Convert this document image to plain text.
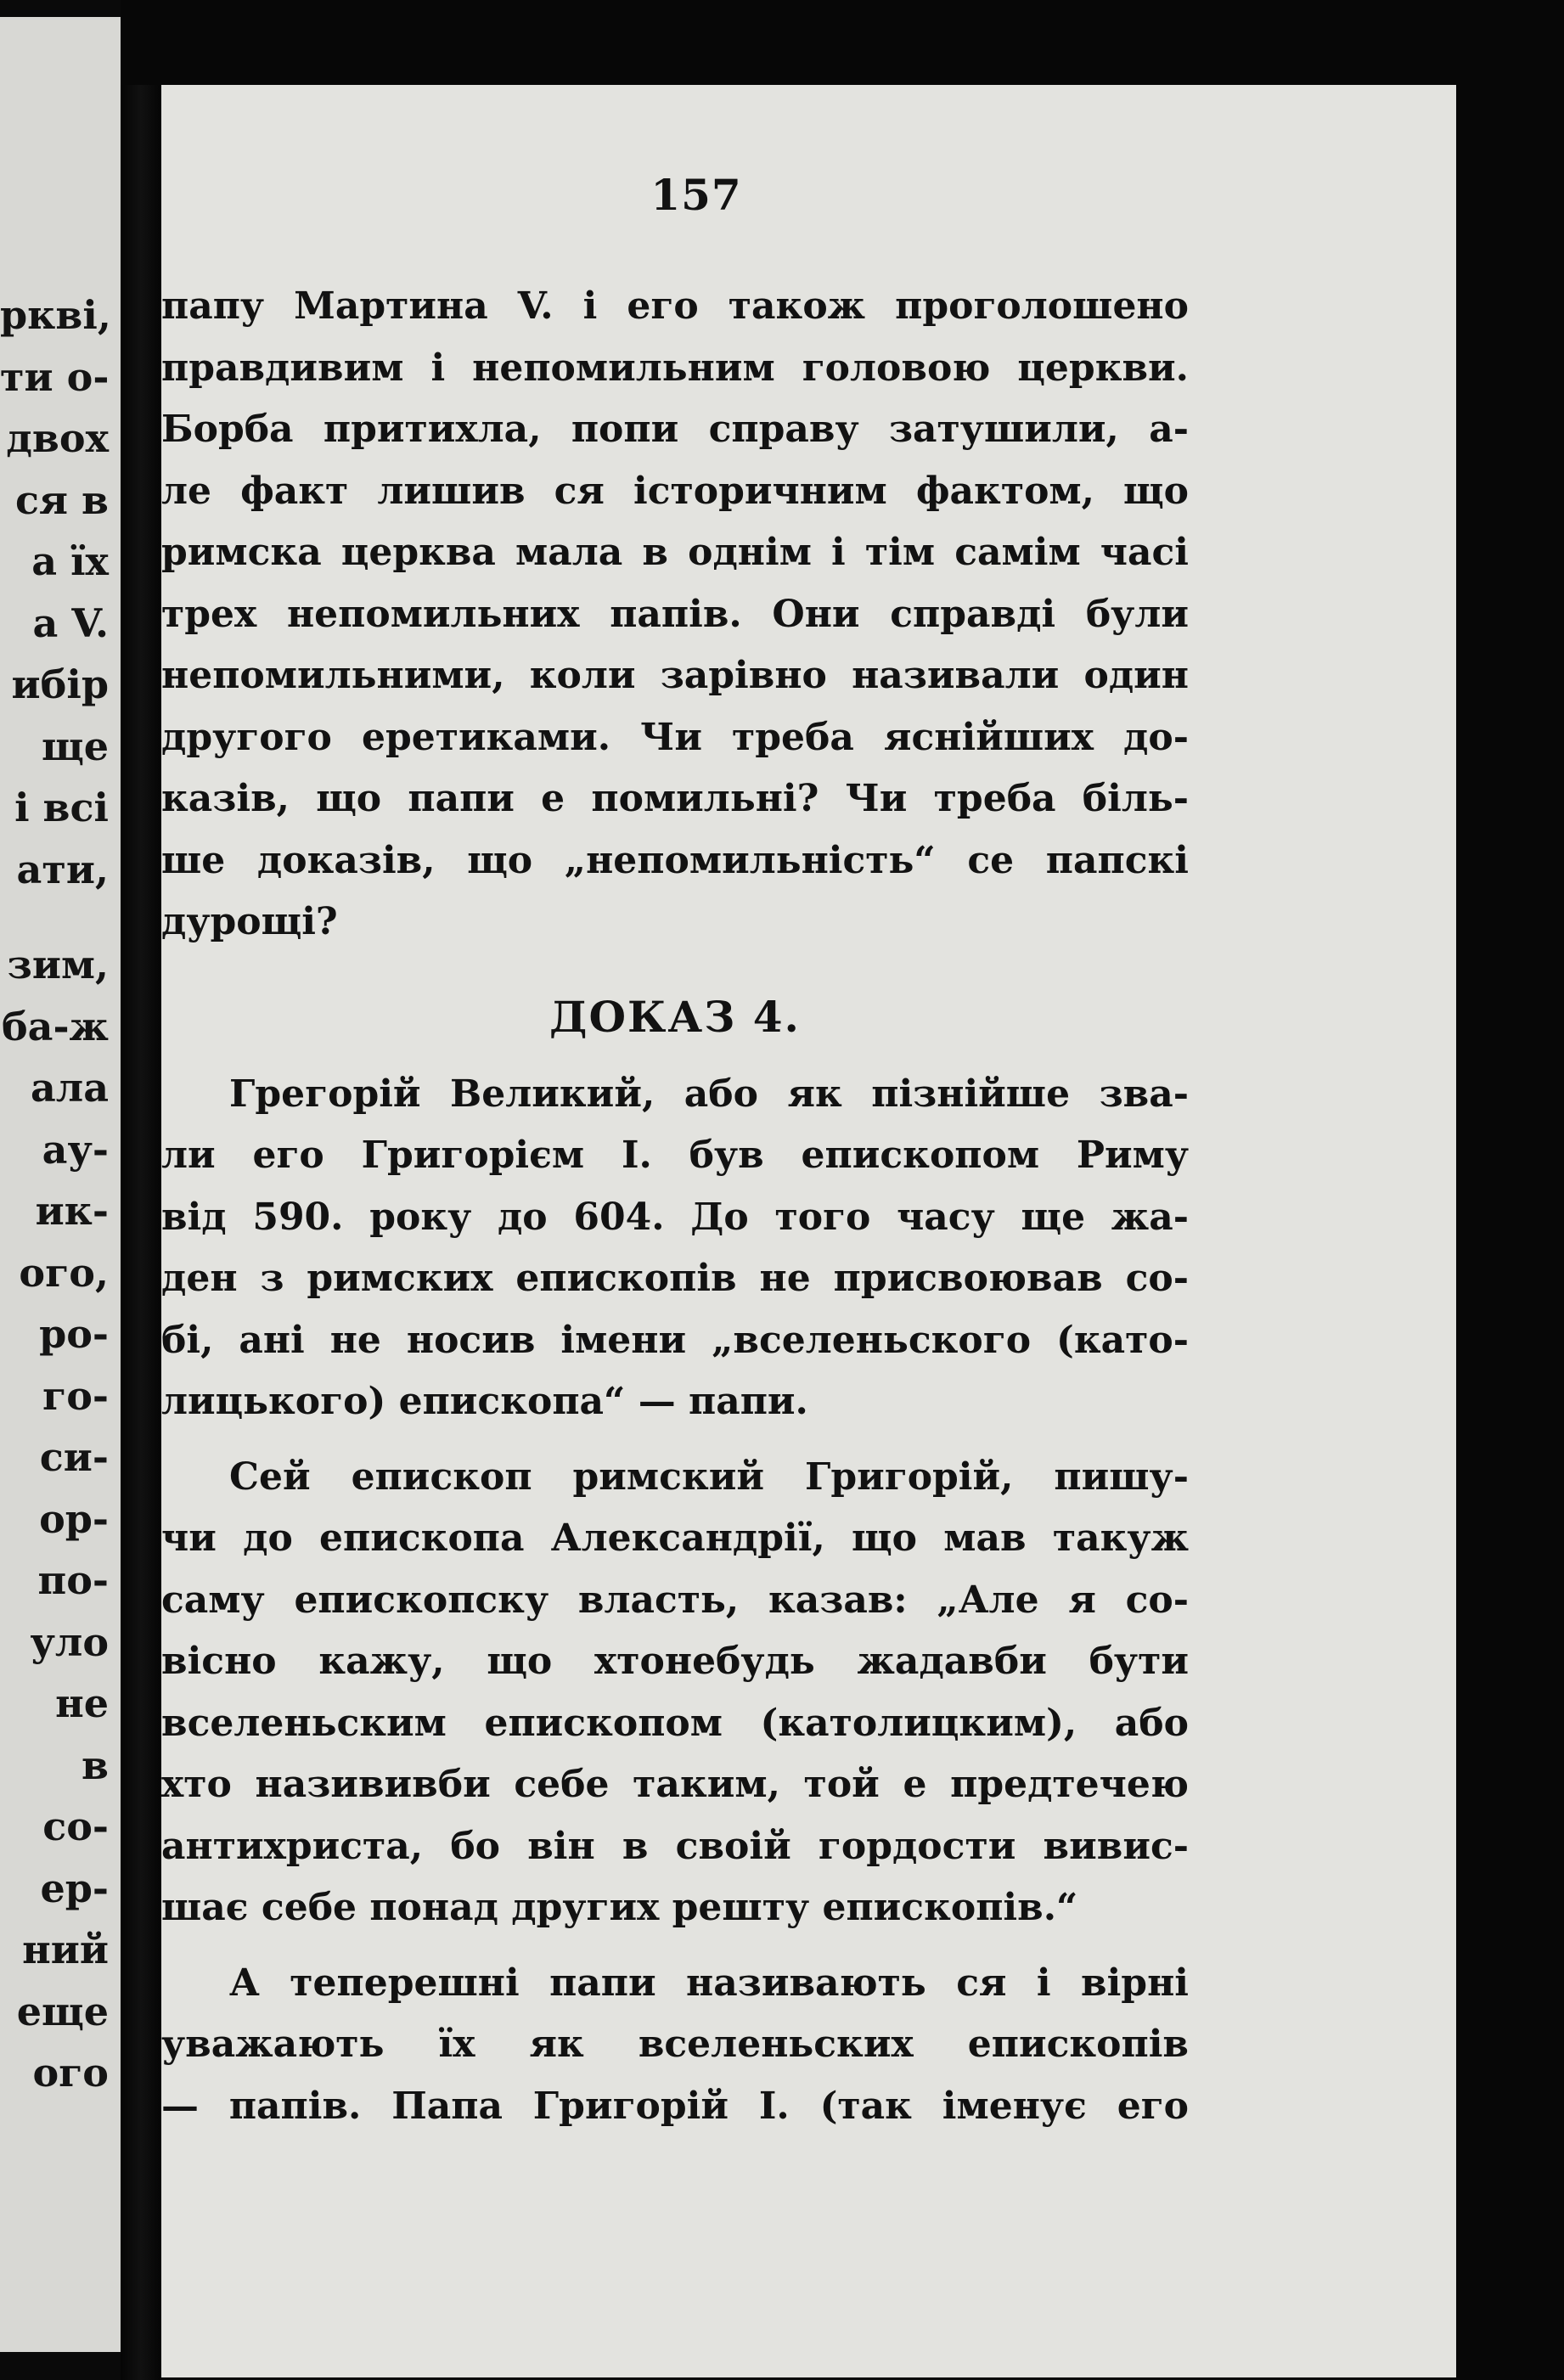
ркві,
ти о-
двох
ся в
а їх
а V.
ибір
ще
і всі
ати,
зим,
ба-ж
ала
ау-
ик-
ого,
ро-
го-
си-
ор-
по-
уло
не
в
со-
ер-
ний
еще
ого
157
папу Мартина V. і его також проголошено
правдивим і непомильним головою церкви.
Борба притихла, попи справу затушили, а-
ле факт лишив ся історичним фактом, що
римска церква мала в однім і тім самім часі
трех непомильних папів. Они справді були
непомильними, коли зарівно називали один
другого еретиками. Чи треба яснійших до-
казів, що папи е помильні? Чи треба біль-
ше доказів, що „непомильність“ се папскі
дурощі?
ДОКАЗ 4.
Грегорій Великий, або як пізнійше зва-
ли его Григорієм І. був епископом Риму
від 590. року до 604. До того часу ще жа-
ден з римских епископів не присвоював со-
бі, ані не носив імени „вселеньского (като-
лицького) епископа“ — папи.
Сей епископ римский Григорій, пишу-
чи до епископа Александрії, що мав такуж
саму епископску власть, казав: „Але я со-
вісно кажу, що хтонебудь жадавби бути
вселеньским епископом (католицким), або
хто назививби себе таким, той е предтечею
антихриста, бо він в своій гордости вивис-
шає себе понад других решту епископів.“
А теперешні папи називають ся і вірні
уважають їх як вселеньских епископів
— папів. Папа Григорій І. (так іменує его
